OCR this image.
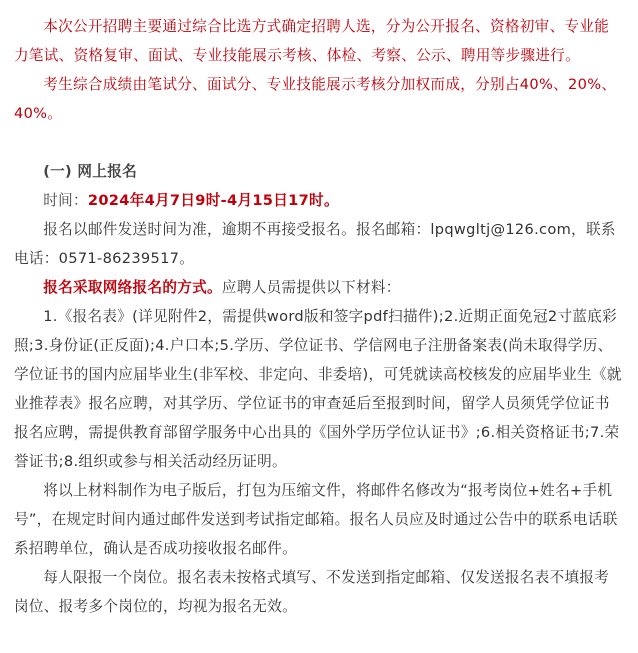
本次公开招聘主要通过综合比选方式确定招聘人选，分为公开报名、资格初审、专业能力笔试、资格复审、面试、专业技能展示考核、体检、考察、公示、聘用等步骤进行。

考生综合成绩由笔试分、面试分、专业技能展示考核分加权而成，分别占40%、20%、40%。

(一) 网上报名

时间：2024年4月7日9时-4月15日17时。

报名以邮件发送时间为准，逾期不再接受报名。报名邮箱：lpqwgltj@126.com，联系电话：0571-86239517。

报名采取网络报名的方式。应聘人员需提供以下材料：

1.《报名表》(详见附件2，需提供word版和签字pdf扫描件);2.近期正面免冠2寸蓝底彩照;3.身份证(正反面);4.户口本;5.学历、学位证书、学信网电子注册备案表(尚未取得学历、学位证书的国内应届毕业生(非军校、非定向、非委培)，可凭就读高校核发的应届毕业生《就业推荐表》报名应聘，对其学历、学位证书的审查延后至报到时间，留学人员须凭学位证书报名应聘，需提供教育部留学服务中心出具的《国外学历学位认证书》;6.相关资格证书;7.荣誉证书;8.组织或参与相关活动经历证明。

将以上材料制作为电子版后，打包为压缩文件，将邮件名修改为“报考岗位+姓名+手机号”，在规定时间内通过邮件发送到考试指定邮箱。报名人员应及时通过公告中的联系电话联系招聘单位，确认是否成功接收报名邮件。

每人限报一个岗位。报名表未按格式填写、不发送到指定邮箱、仅发送报名表不填报考岗位、报考多个岗位的，均视为报名无效。
